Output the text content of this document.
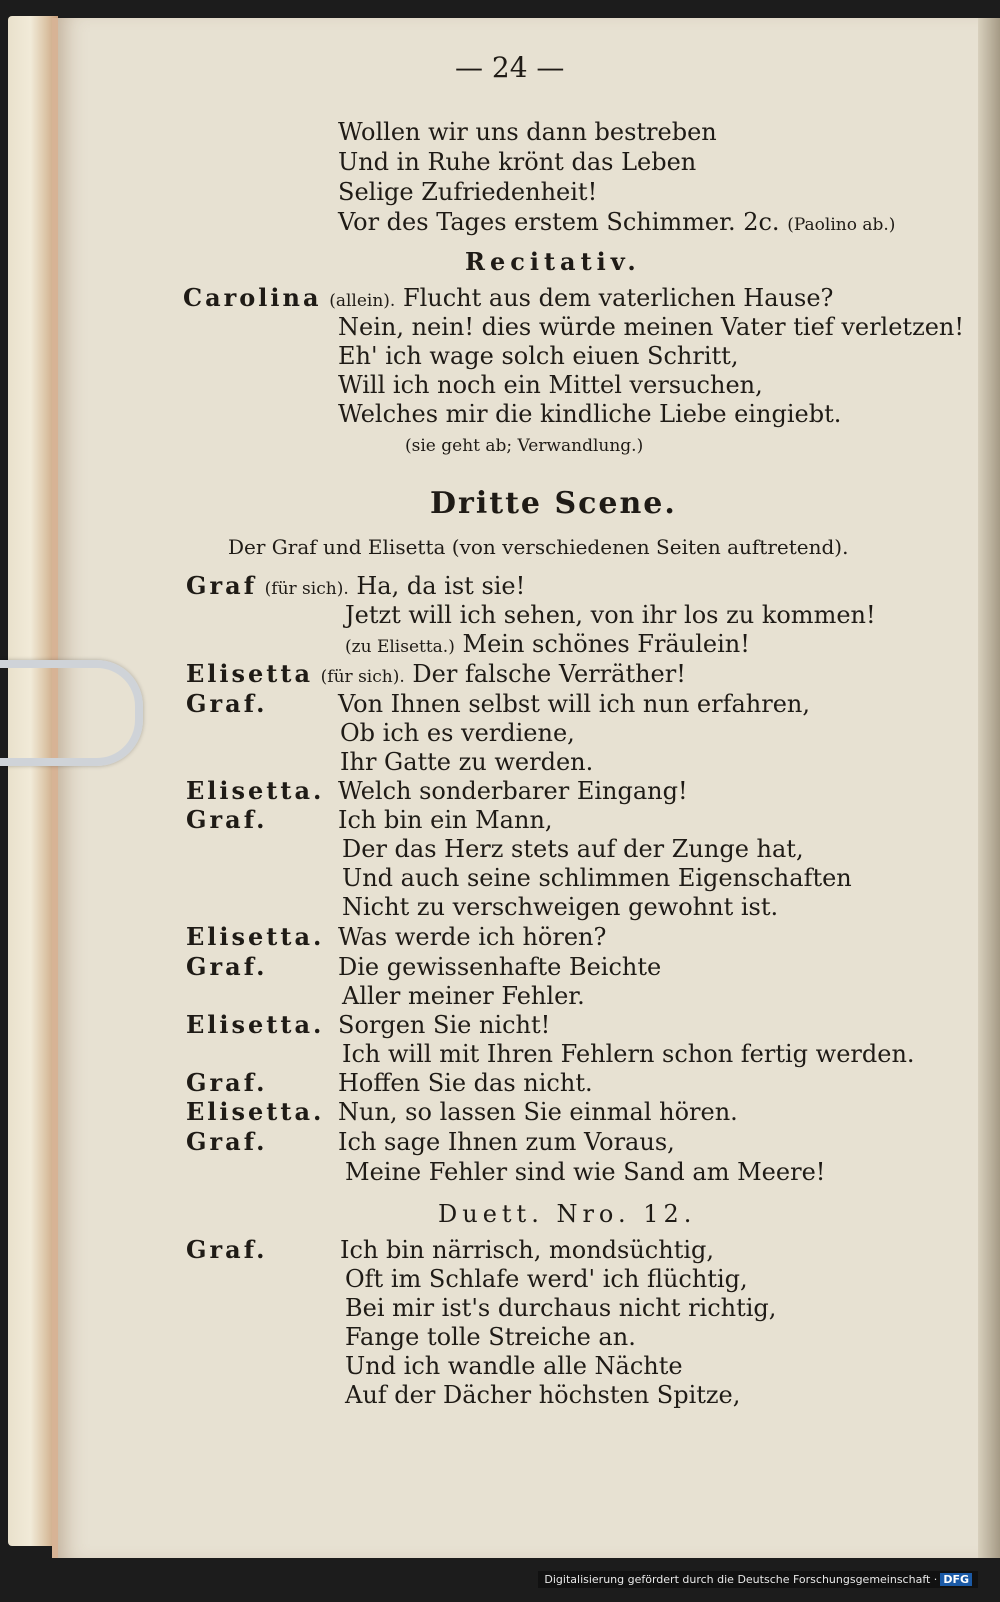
— 24 —
Wollen wir uns dann bestreben
Und in Ruhe krönt das Leben
Selige Zufriedenheit!
Vor des Tages erstem Schimmer. 2c. (Paolino ab.)
Recitativ.
Carolina (allein). Flucht aus dem vaterlichen Hause?
Nein, nein! dies würde meinen Vater tief verletzen!
Eh' ich wage solch eiuen Schritt,
Will ich noch ein Mittel versuchen,
Welches mir die kindliche Liebe eingiebt.
(sie geht ab; Verwandlung.)
Dritte Scene.
Der Graf und Elisetta (von verschiedenen Seiten auftretend).
Graf (für sich). Ha, da ist sie!
Jetzt will ich sehen, von ihr los zu kommen!
(zu Elisetta.) Mein schönes Fräulein!
Elisetta (für sich). Der falsche Verräther!
Graf.	Von Ihnen selbst will ich nun erfahren,
Ob ich es verdiene,
Ihr Gatte zu werden.
Elisetta. Welch sonderbarer Eingang!
Graf.	Ich bin ein Mann,
Der das Herz stets auf der Zunge hat,
Und auch seine schlimmen Eigenschaften
Nicht zu verschweigen gewohnt ist.
Elisetta. Was werde ich hören?
Graf.	Die gewissenhafte Beichte
Aller meiner Fehler.
Elisetta. Sorgen Sie nicht!
Ich will mit Ihren Fehlern schon fertig werden.
Graf.	Hoffen Sie das nicht.
Elisetta. Nun, so lassen Sie einmal hören.
Graf.	Ich sage Ihnen zum Voraus,
Meine Fehler sind wie Sand am Meere!
Duett. Nro. 12.
Graf.	Ich bin närrisch, mondsüchtig,
Oft im Schlafe werd' ich flüchtig,
Bei mir ist's durchaus nicht richtig,
Fange tolle Streiche an.
Und ich wandle alle Nächte
Auf der Dächer höchsten Spitze,
Digitalisierung gefördert durch die Deutsche Forschungsgemeinschaft · DFG
